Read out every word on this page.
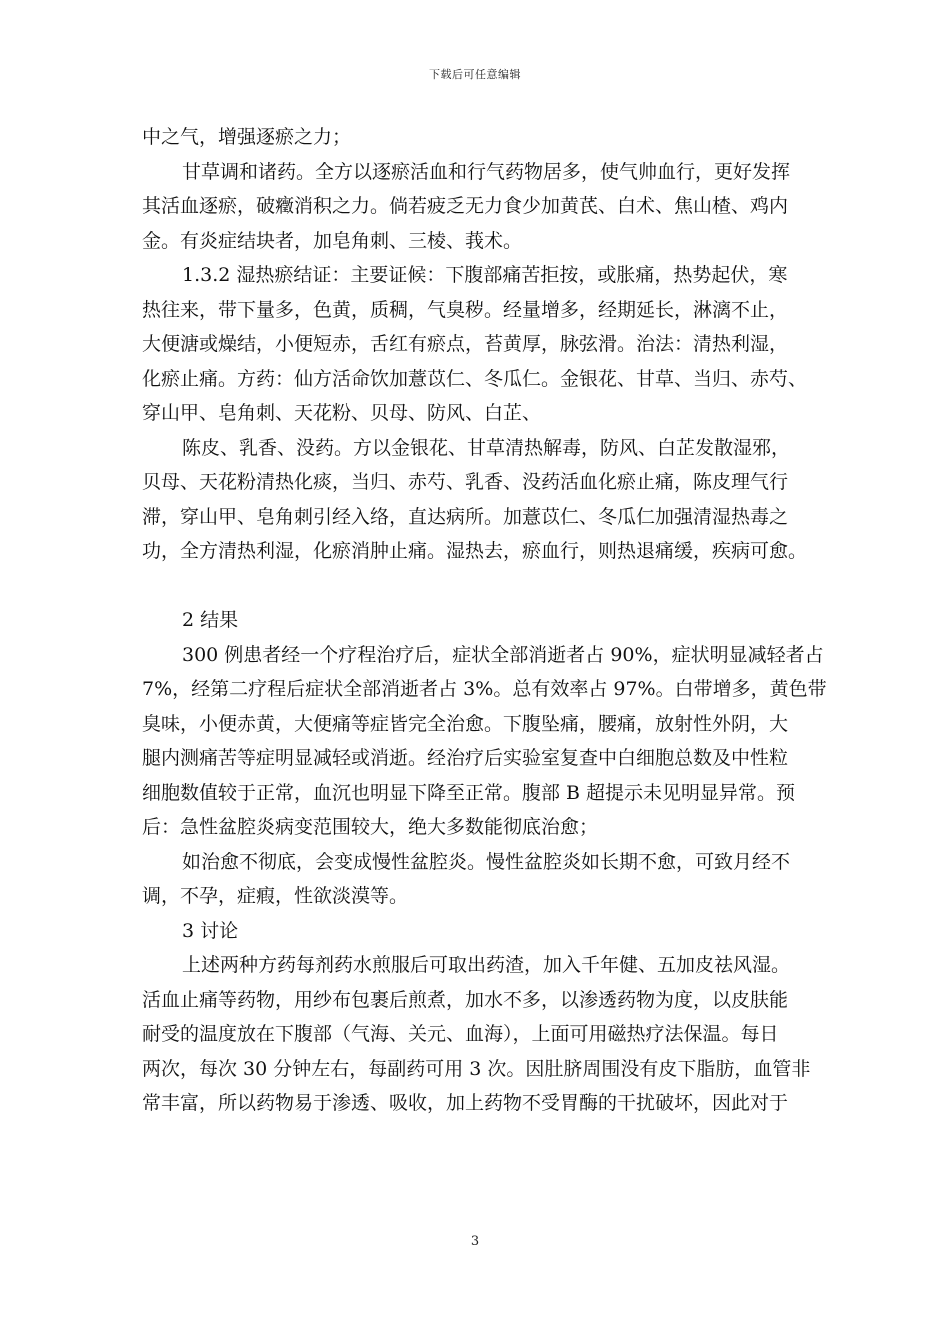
下载后可任意编辑
中之气，增强逐瘀之力；
甘草调和诸药。全方以逐瘀活血和行气药物居多，使气帅血行，更好发挥
其活血逐瘀，破癥消积之力。倘若疲乏无力食少加黄芪、白术、焦山楂、鸡内
金。有炎症结块者，加皂角刺、三棱、莪术。
1.3.2 湿热瘀结证：主要证候：下腹部痛苦拒按，或胀痛，热势起伏，寒
热往来，带下量多，色黄，质稠，气臭秽。经量增多，经期延长，淋漓不止，
大便溏或燥结，小便短赤，舌红有瘀点，苔黄厚，脉弦滑。治法：清热利湿，
化瘀止痛。方药：仙方活命饮加薏苡仁、冬瓜仁。金银花、甘草、当归、赤芍、
穿山甲、皂角刺、天花粉、贝母、防风、白芷、
陈皮、乳香、没药。方以金银花、甘草清热解毒，防风、白芷发散湿邪，
贝母、天花粉清热化痰，当归、赤芍、乳香、没药活血化瘀止痛，陈皮理气行
滞，穿山甲、皂角刺引经入络，直达病所。加薏苡仁、冬瓜仁加强清湿热毒之
功，全方清热利湿，化瘀消肿止痛。湿热去，瘀血行，则热退痛缓，疾病可愈。
2 结果
300 例患者经一个疗程治疗后，症状全部消逝者占 90%，症状明显减轻者占
7%，经第二疗程后症状全部消逝者占 3%。总有效率占 97%。白带增多，黄色带
臭味，小便赤黄，大便痛等症皆完全治愈。下腹坠痛，腰痛，放射性外阴，大
腿内测痛苦等症明显减轻或消逝。经治疗后实验室复查中白细胞总数及中性粒
细胞数值较于正常，血沉也明显下降至正常。腹部 B 超提示未见明显异常。预
后：急性盆腔炎病变范围较大，绝大多数能彻底治愈；
如治愈不彻底，会变成慢性盆腔炎。慢性盆腔炎如长期不愈，可致月经不
调，不孕，症瘕，性欲淡漠等。
3 讨论
上述两种方药每剂药水煎服后可取出药渣，加入千年健、五加皮祛风湿。
活血止痛等药物，用纱布包裹后煎煮，加水不多，以渗透药物为度，以皮肤能
耐受的温度放在下腹部（气海、关元、血海），上面可用磁热疗法保温。每日
两次，每次 30 分钟左右，每副药可用 3 次。因肚脐周围没有皮下脂肪，血管非
常丰富，所以药物易于渗透、吸收，加上药物不受胃酶的干扰破坏，因此对于
3
